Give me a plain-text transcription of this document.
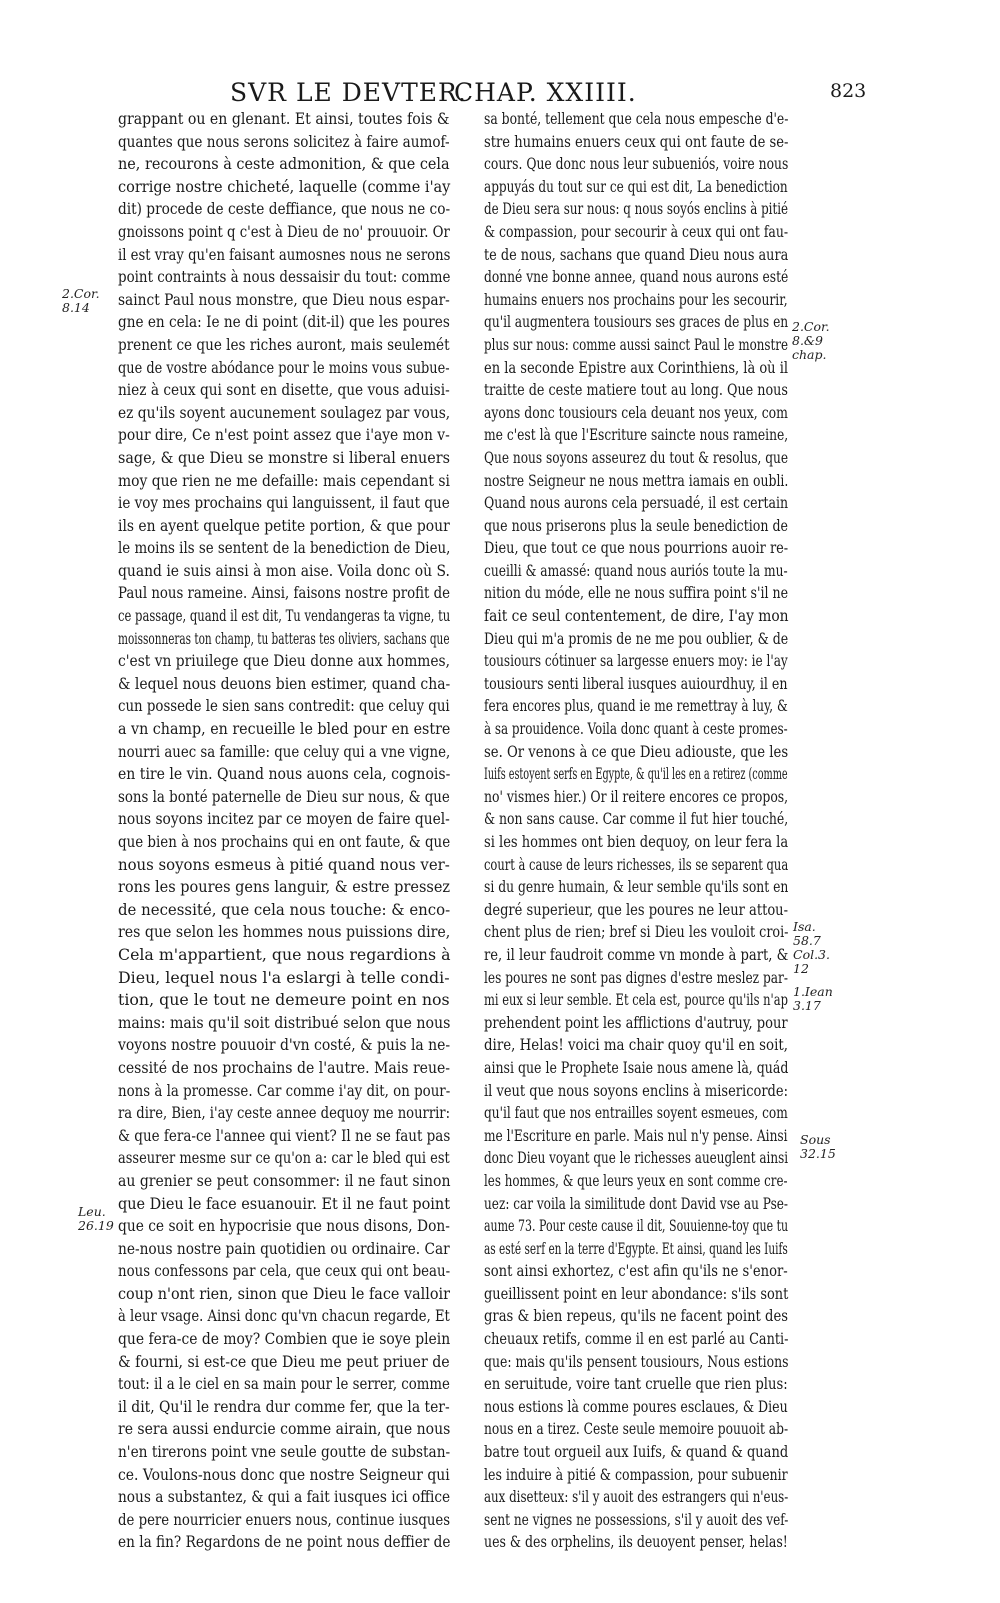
SVR LE DEVTER.
CHAP. XXIIII.	823
grappant ou en glenant. Et ainsi, toutes fois &
quantes que nous serons solicitez à faire aumof-
ne, recourons à ceste admonition, & que cela
corrige nostre chicheté, laquelle (comme i'ay
dit) procede de ceste deffiance, que nous ne co-
gnoissons point q c'est à Dieu de no' prouuoir. Or
il est vray qu'en faisant aumosnes nous ne serons
point contraints à nous dessaisir du tout: comme
sainct Paul nous monstre, que Dieu nous espar-
gne en cela: Ie ne di point (dit-il) que les poures
prenent ce que les riches auront, mais seulemét
que de vostre abódance pour le moins vous subue-
niez à ceux qui sont en disette, que vous aduisi-
ez qu'ils soyent aucunement soulagez par vous,
pour dire, Ce n'est point assez que i'aye mon v-
sage, & que Dieu se monstre si liberal enuers
moy que rien ne me defaille: mais cependant si
ie voy mes prochains qui languissent, il faut que
ils en ayent quelque petite portion, & que pour
le moins ils se sentent de la benediction de Dieu,
quand ie suis ainsi à mon aise. Voila donc où S.
Paul nous rameine. Ainsi, faisons nostre profit de
ce passage, quand il est dit, Tu vendangeras ta vigne, tu
moissonneras ton champ, tu batteras tes oliviers, sachans que
c'est vn priuilege que Dieu donne aux hommes,
& lequel nous deuons bien estimer, quand cha-
cun possede le sien sans contredit: que celuy qui
a vn champ, en recueille le bled pour en estre
nourri auec sa famille: que celuy qui a vne vigne,
en tire le vin. Quand nous auons cela, cognois-
sons la bonté paternelle de Dieu sur nous, & que
nous soyons incitez par ce moyen de faire quel-
que bien à nos prochains qui en ont faute, & que
nous soyons esmeus à pitié quand nous ver-
rons les poures gens languir, & estre pressez
de necessité, que cela nous touche: & enco-
res que selon les hommes nous puissions dire,
Cela m'appartient, que nous regardions à
Dieu, lequel nous l'a eslargi à telle condi-
tion, que le tout ne demeure point en nos
mains: mais qu'il soit distribué selon que nous
voyons nostre pouuoir d'vn costé, & puis la ne-
cessité de nos prochains de l'autre. Mais reue-
nons à la promesse. Car comme i'ay dit, on pour-
ra dire, Bien, i'ay ceste annee dequoy me nourrir:
& que fera-ce l'annee qui vient? Il ne se faut pas
asseurer mesme sur ce qu'on a: car le bled qui est
au grenier se peut consommer: il ne faut sinon
que Dieu le face esuanouir. Et il ne faut point
que ce soit en hypocrisie que nous disons, Don-
ne-nous nostre pain quotidien ou ordinaire. Car
nous confessons par cela, que ceux qui ont beau-
coup n'ont rien, sinon que Dieu le face valloir
à leur vsage. Ainsi donc qu'vn chacun regarde, Et
que fera-ce de moy? Combien que ie soye plein
& fourni, si est-ce que Dieu me peut priuer de
tout: il a le ciel en sa main pour le serrer, comme
il dit, Qu'il le rendra dur comme fer, que la ter-
re sera aussi endurcie comme airain, que nous
n'en tirerons point vne seule goutte de substan-
ce. Voulons-nous donc que nostre Seigneur qui
nous a substantez, & qui a fait iusques ici office
de pere nourricier enuers nous, continue iusques
en la fin? Regardons de ne point nous deffier de
sa bonté, tellement que cela nous empesche d'e-
stre humains enuers ceux qui ont faute de se-
cours. Que donc nous leur subueniós, voire nous
appuyás du tout sur ce qui est dit, La benediction
de Dieu sera sur nous: q nous soyós enclins à pitié
& compassion, pour secourir à ceux qui ont fau-
te de nous, sachans que quand Dieu nous aura
donné vne bonne annee, quand nous aurons esté
humains enuers nos prochains pour les secourir,
qu'il augmentera tousiours ses graces de plus en
plus sur nous: comme aussi sainct Paul le monstre
en la seconde Epistre aux Corinthiens, là où il
traitte de ceste matiere tout au long. Que nous
ayons donc tousiours cela deuant nos yeux, com
me c'est là que l'Escriture saincte nous rameine,
Que nous soyons asseurez du tout & resolus, que
nostre Seigneur ne nous mettra iamais en oubli.
Quand nous aurons cela persuadé, il est certain
que nous priserons plus la seule benediction de
Dieu, que tout ce que nous pourrions auoir re-
cueilli & amassé: quand nous auriós toute la mu-
nition du móde, elle ne nous suffira point s'il ne
fait ce seul contentement, de dire, I'ay mon
Dieu qui m'a promis de ne me pou oublier, & de
tousiours cótinuer sa largesse enuers moy: ie l'ay
tousiours senti liberal iusques auiourdhuy, il en
fera encores plus, quand ie me remettray à luy, &
à sa prouidence. Voila donc quant à ceste promes-
se. Or venons à ce que Dieu adiouste, que les
Iuifs estoyent serfs en Egypte, & qu'il les en a retirez (comme
no' vismes hier.) Or il reitere encores ce propos,
& non sans cause. Car comme il fut hier touché,
si les hommes ont bien dequoy, on leur fera la
court à cause de leurs richesses, ils se separent qua
si du genre humain, & leur semble qu'ils sont en
degré superieur, que les poures ne leur attou-
chent plus de rien; bref si Dieu les vouloit croi-
re, il leur faudroit comme vn monde à part, &
les poures ne sont pas dignes d'estre meslez par-
mi eux si leur semble. Et cela est, pource qu'ils n'ap
prehendent point les afflictions d'autruy, pour
dire, Helas! voici ma chair quoy qu'il en soit,
ainsi que le Prophete Isaie nous amene là, quád
il veut que nous soyons enclins à misericorde:
qu'il faut que nos entrailles soyent esmeues, com
me l'Escriture en parle. Mais nul n'y pense. Ainsi
donc Dieu voyant que le richesses aueuglent ainsi
les hommes, & que leurs yeux en sont comme cre-
uez: car voila la similitude dont David vse au Pse-
aume 73. Pour ceste cause il dit, Souuienne-toy que tu
as esté serf en la terre d'Egypte. Et ainsi, quand les Iuifs
sont ainsi exhortez, c'est afin qu'ils ne s'enor-
gueillissent point en leur abondance: s'ils sont
gras & bien repeus, qu'ils ne facent point des
cheuaux retifs, comme il en est parlé au Canti-
que: mais qu'ils pensent tousiours, Nous estions
en seruitude, voire tant cruelle que rien plus:
nous estions là comme poures esclaues, & Dieu
nous en a tirez. Ceste seule memoire pouuoit ab-
batre tout orgueil aux Iuifs, & quand & quand
les induire à pitié & compassion, pour subuenir
aux disetteux: s'il y auoit des estrangers qui n'eus-
sent ne vignes ne possessions, s'il y auoit des vef-
ues & des orphelins, ils deuoyent penser, helas!
2.Cor.
8.14
2.Cor.
8.&9
chap.
Isa.
58.7
Col.3.
12
1.Iean
3.17
Sous
32.15
Leu.
26.19
